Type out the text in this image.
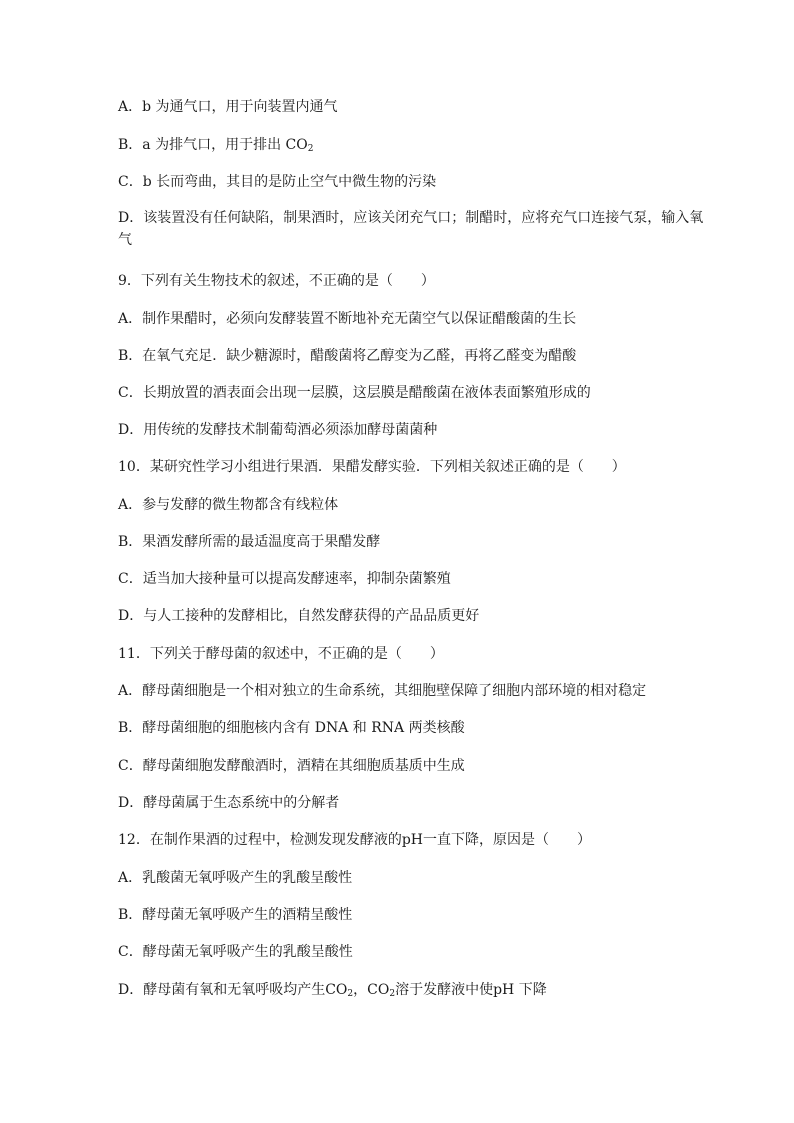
A．b 为通气口，用于向装置内通气
B．a 为排气口，用于排出 $CO_2$
C．b 长而弯曲，其目的是防止空气中微生物的污染
D．该装置没有任何缺陷，制果酒时，应该关闭充气口；制醋时，应将充气口连接气泵，输入氧气
9．下列有关生物技术的叙述，不正确的是（　　）
A．制作果醋时，必须向发酵装置不断地补充无菌空气以保证醋酸菌的生长
B．在氧气充足．缺少糖源时，醋酸菌将乙醇变为乙醛，再将乙醛变为醋酸
C．长期放置的酒表面会出现一层膜，这层膜是醋酸菌在液体表面繁殖形成的
D．用传统的发酵技术制葡萄酒必须添加酵母菌菌种
10．某研究性学习小组进行果酒．果醋发酵实验．下列相关叙述正确的是（　　）
A．参与发酵的微生物都含有线粒体
B．果酒发酵所需的最适温度高于果醋发酵
C．适当加大接种量可以提高发酵速率，抑制杂菌繁殖
D．与人工接种的发酵相比，自然发酵获得的产品品质更好
11．下列关于酵母菌的叙述中，不正确的是（　　）
A．酵母菌细胞是一个相对独立的生命系统，其细胞壁保障了细胞内部环境的相对稳定
B．酵母菌细胞的细胞核内含有 DNA 和 RNA 两类核酸
C．酵母菌细胞发酵酿酒时，酒精在其细胞质基质中生成
D．酵母菌属于生态系统中的分解者
12．在制作果酒的过程中，检测发现发酵液的pH一直下降，原因是（　　）
A．乳酸菌无氧呼吸产生的乳酸呈酸性
B．酵母菌无氧呼吸产生的酒精呈酸性
C．酵母菌无氧呼吸产生的乳酸呈酸性
D．酵母菌有氧和无氧呼吸均产生$CO_2$，$CO_2$溶于发酵液中使pH 下降
